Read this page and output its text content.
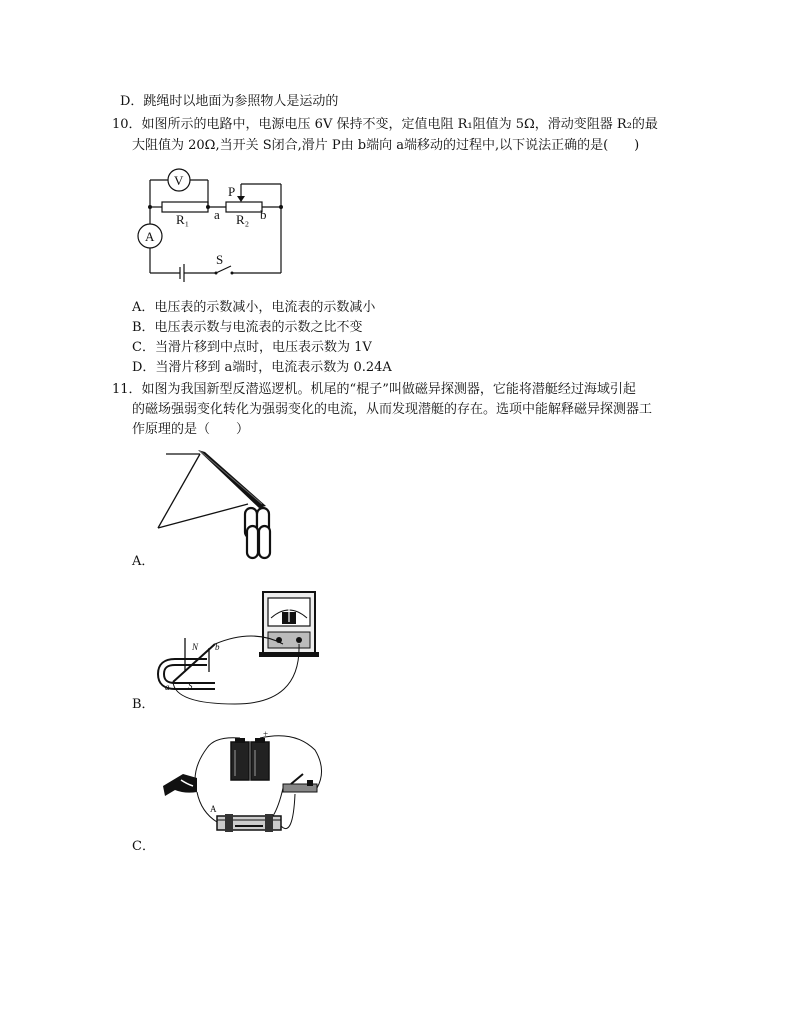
D．跳绳时以地面为参照物人是运动的
10．如图所示的电路中，电源电压 6V 保持不变，定值电阻 R₁阻值为 5Ω，滑动变阻器 R₂的最
大阻值为 20Ω,当开关 S闭合,滑片 P由 b端向 a端移动的过程中,以下说法正确的是(　　)
V
A
R₁	R₂
P
a	b
S
A．电压表的示数减小，电流表的示数减小
B．电压表示数与电流表的示数之比不变
C．当滑片移到中点时，电压表示数为 1V
D．当滑片移到 a端时，电流表示数为 0.24A
11．如图为我国新型反潜巡逻机。机尾的“棍子”叫做磁异探测器，它能将潜艇经过海域引起
的磁场强弱变化转化为强弱变化的电流，从而发现潜艇的存在。选项中能解释磁异探测器工
作原理的是（　　）
A．
N
S
a
b
B．
+
A
C．
